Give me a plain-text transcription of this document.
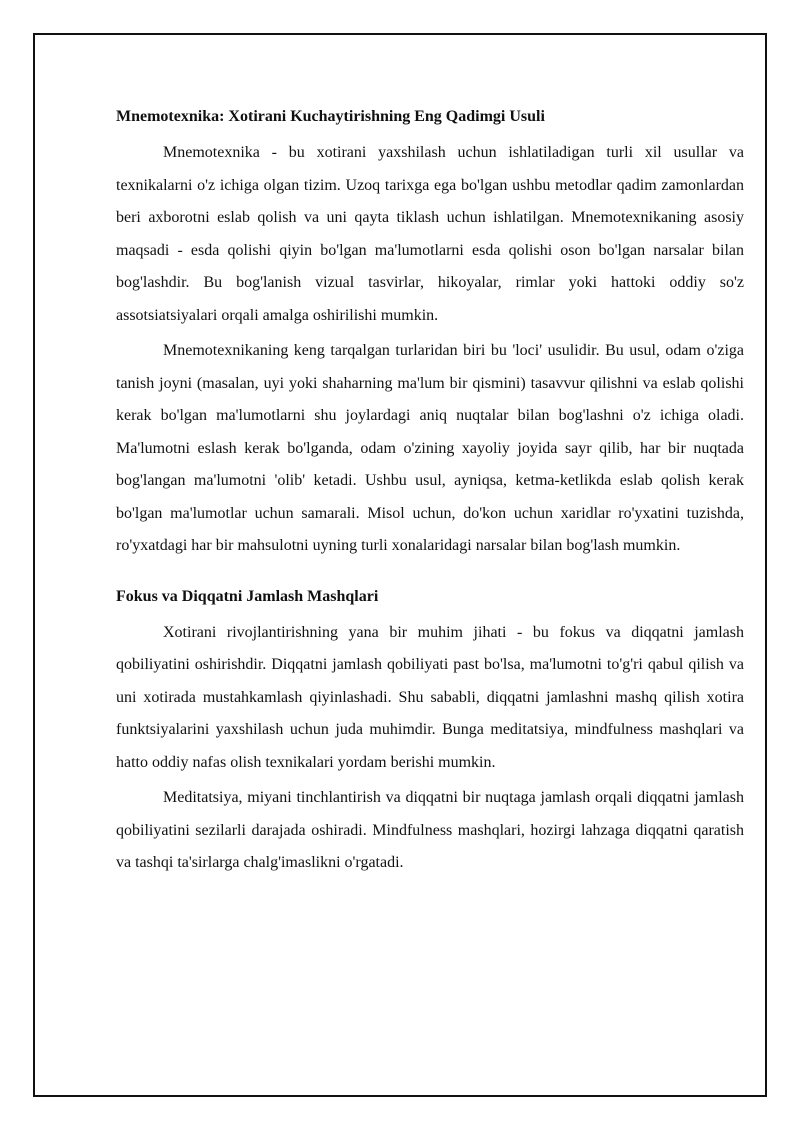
Mnemotexnika: Xotirani Kuchaytirishning Eng Qadimgi Usuli

Mnemotexnika - bu xotirani yaxshilash uchun ishlatiladigan turli xil usullar va texnikalarni o'z ichiga olgan tizim. Uzoq tarixga ega bo'lgan ushbu metodlar qadim zamonlardan beri axborotni eslab qolish va uni qayta tiklash uchun ishlatilgan. Mnemotexnikaning asosiy maqsadi - esda qolishi qiyin bo'lgan ma'lumotlarni esda qolishi oson bo'lgan narsalar bilan bog'lashdir. Bu bog'lanish vizual tasvirlar, hikoyalar, rimlar yoki hattoki oddiy so'z assotsiatsiyalari orqali amalga oshirilishi mumkin.

Mnemotexnikaning keng tarqalgan turlaridan biri bu 'loci' usulidir. Bu usul, odam o'ziga tanish joyni (masalan, uyi yoki shaharning ma'lum bir qismini) tasavvur qilishni va eslab qolishi kerak bo'lgan ma'lumotlarni shu joylardagi aniq nuqtalar bilan bog'lashni o'z ichiga oladi. Ma'lumotni eslash kerak bo'lganda, odam o'zining xayoliy joyida sayr qilib, har bir nuqtada bog'langan ma'lumotni 'olib' ketadi. Ushbu usul, ayniqsa, ketma-ketlikda eslab qolish kerak bo'lgan ma'lumotlar uchun samarali. Misol uchun, do'kon uchun xaridlar ro'yxatini tuzishda, ro'yxatdagi har bir mahsulotni uyning turli xonalaridagi narsalar bilan bog'lash mumkin.

Fokus va Diqqatni Jamlash Mashqlari

Xotirani rivojlantirishning yana bir muhim jihati - bu fokus va diqqatni jamlash qobiliyatini oshirishdir. Diqqatni jamlash qobiliyati past bo'lsa, ma'lumotni to'g'ri qabul qilish va uni xotirada mustahkamlash qiyinlashadi. Shu sababli, diqqatni jamlashni mashq qilish xotira funktsiyalarini yaxshilash uchun juda muhimdir. Bunga meditatsiya, mindfulness mashqlari va hatto oddiy nafas olish texnikalari yordam berishi mumkin.

Meditatsiya, miyani tinchlantirish va diqqatni bir nuqtaga jamlash orqali diqqatni jamlash qobiliyatini sezilarli darajada oshiradi. Mindfulness mashqlari, hozirgi lahzaga diqqatni qaratish va tashqi ta'sirlarga chalg'imaslikni o'rgatadi.
